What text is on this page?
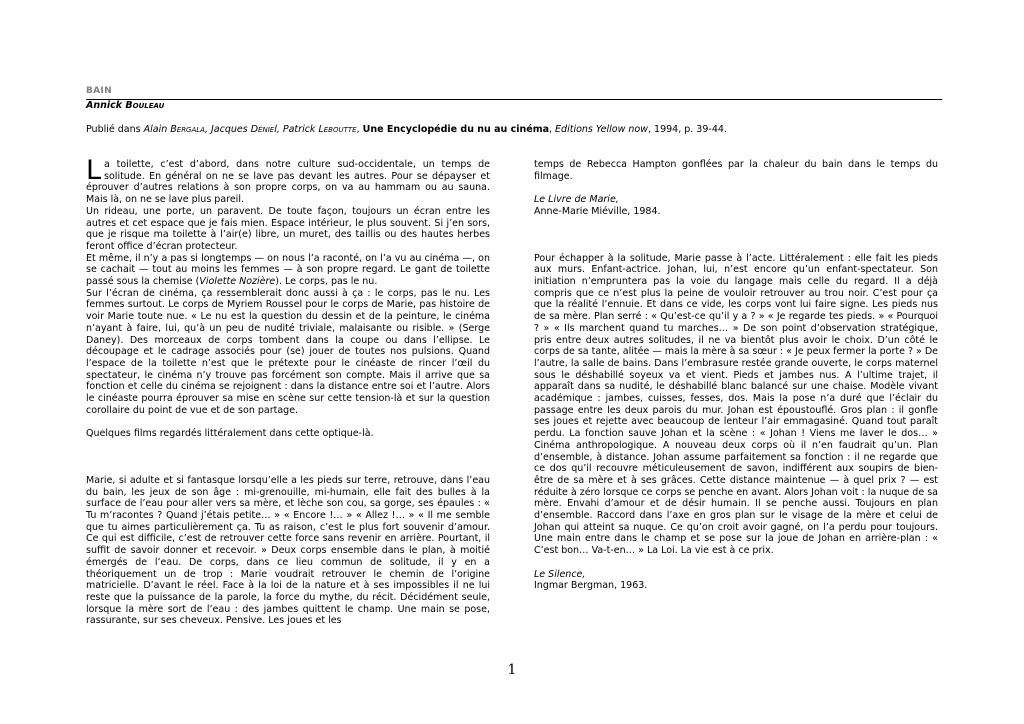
BAIN
Annick Bouleau
Publié dans Alain Bergala, Jacques Déniel, Patrick Leboutte, Une Encyclopédie du nu au cinéma, Editions Yellow now, 1994, p. 39-44.

La toilette, c’est d’abord, dans notre culture sud-occidentale, un temps de solitude. En général on ne se lave pas devant les autres. Pour se dépayser et éprouver d’autres relations à son propre corps, on va au hammam ou au sauna. Mais là, on ne se lave plus pareil.

Un rideau, une porte, un paravent. De toute façon, toujours un écran entre les autres et cet espace que je fais mien. Espace intérieur, le plus souvent. Si j’en sors, que je risque ma toilette à l’air(e) libre, un muret, des taillis ou des hautes herbes feront office d’écran protecteur.

Et même, il n’y a pas si longtemps — on nous l’a raconté, on l’a vu au cinéma —, on se cachait — tout au moins les femmes — à son propre regard. Le gant de toilette passé sous la chemise (Violette Nozière). Le corps, pas le nu.

Sur l’écran de cinéma, ça ressemblerait donc aussi à ça : le corps, pas le nu. Les femmes surtout. Le corps de Myriem Roussel pour le corps de Marie, pas histoire de voir Marie toute nue. « Le nu est la question du dessin et de la peinture, le cinéma n’ayant à faire, lui, qu’à un peu de nudité triviale, malaisante ou risible. » (Serge Daney). Des morceaux de corps tombent dans la coupe ou dans l’ellipse. Le découpage et le cadrage associés pour (se) jouer de toutes nos pulsions. Quand l’espace de la toilette n’est que le prétexte pour le cinéaste de rincer l’œil du spectateur, le cinéma n’y trouve pas forcément son compte. Mais il arrive que sa fonction et celle du cinéma se rejoignent : dans la distance entre soi et l’autre. Alors le cinéaste pourra éprouver sa mise en scène sur cette tension-là et sur la question corollaire du point de vue et de son partage.

Quelques films regardés littéralement dans cette optique-là.

Marie, si adulte et si fantasque lorsqu’elle a les pieds sur terre, retrouve, dans l’eau du bain, les jeux de son âge : mi-grenouille, mi-humain, elle fait des bulles à la surface de l’eau pour aller vers sa mère, et lèche son cou, sa gorge, ses épaules : « Tu m’racontes ? Quand j’étais petite… » « Encore !… » « Allez !… » « Il me semble que tu aimes particulièrement ça. Tu as raison, c’est le plus fort souvenir d’amour. Ce qui est difficile, c’est de retrouver cette force sans revenir en arrière. Pourtant, il suffit de savoir donner et recevoir. » Deux corps ensemble dans le plan, à moitié émergés de l’eau. De corps, dans ce lieu commun de solitude, il y en a théoriquement un de trop : Marie voudrait retrouver le chemin de l’origine matricielle. D’avant le réel. Face à la loi de la nature et à ses impossibles il ne lui reste que la puissance de la parole, la force du mythe, du récit. Décidément seule, lorsque la mère sort de l’eau : des jambes quittent le champ. Une main se pose, rassurante, sur ses cheveux. Pensive. Les joues et les

temps de Rebecca Hampton gonflées par la chaleur du bain dans le temps du filmage.

Le Livre de Marie,

Anne-Marie Miéville, 1984.

Pour échapper à la solitude, Marie passe à l’acte. Littéralement : elle fait les pieds aux murs. Enfant-actrice. Johan, lui, n’est encore qu’un enfant-spectateur. Son initiation n’empruntera pas la voie du langage mais celle du regard. Il a déjà compris que ce n’est plus la peine de vouloir retrouver au trou noir. C’est pour ça que la réalité l’ennuie. Et dans ce vide, les corps vont lui faire signe. Les pieds nus de sa mère. Plan serré : « Qu’est-ce qu’il y a ? » « Je regarde tes pieds. » « Pourquoi ? » « Ils marchent quand tu marches… » De son point d’observation stratégique, pris entre deux autres solitudes, il ne va bientôt plus avoir le choix. D’un côté le corps de sa tante, alitée — mais la mère à sa sœur : « Je peux fermer la porte ? » De l’autre, la salle de bains. Dans l’embrasure restée grande ouverte, le corps maternel sous le déshabillé soyeux va et vient. Pieds et jambes nus. A l’ultime trajet, il apparaît dans sa nudité, le déshabillé blanc balancé sur une chaise. Modèle vivant académique : jambes, cuisses, fesses, dos. Mais la pose n’a duré que l’éclair du passage entre les deux parois du mur. Johan est époustouflé. Gros plan : il gonfle ses joues et rejette avec beaucoup de lenteur l’air emmagasiné. Quand tout paraît perdu. La fonction sauve Johan et la scène : « Johan ! Viens me laver le dos… » Cinéma anthropologique. A nouveau deux corps où il n’en faudrait qu’un. Plan d’ensemble, à distance. Johan assume parfaitement sa fonction : il ne regarde que ce dos qu’il recouvre méticuleusement de savon, indifférent aux soupirs de bien-être de sa mère et à ses grâces. Cette distance maintenue — à quel prix ? — est réduite à zéro lorsque ce corps se penche en avant. Alors Johan voit : la nuque de sa mère. Envahi d’amour et de désir humain. Il se penche aussi. Toujours en plan d’ensemble. Raccord dans l’axe en gros plan sur le visage de la mère et celui de Johan qui atteint sa nuque. Ce qu’on croit avoir gagné, on l’a perdu pour toujours. Une main entre dans le champ et se pose sur la joue de Johan en arrière-plan : « C’est bon… Va-t-en… » La Loi. La vie est à ce prix.

Le Silence,

Ingmar Bergman, 1963.

1
